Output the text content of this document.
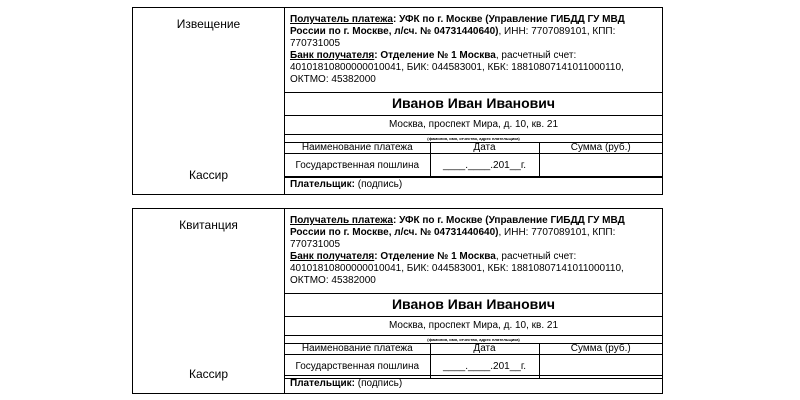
Извещение
Кассир
Получатель платежа: УФК по г. Москве (Управление ГИБДД ГУ МВД России по г. Москве, л/сч. № 04731440640), ИНН: 7707089101, КПП: 770731005
Банк получателя: Отделение № 1 Москва, расчетный счет: 40101810800000010041, БИК: 044583001, КБК: 18810807141011000110, ОКТМО: 45382000
Иванов Иван Иванович
Москва, проспект Мира, д. 10, кв. 21
(фамилия, имя, отчество, адрес плательщика)
Наименование платежа	Дата	Сумма (руб.)
Государственная пошлина	____.____.201__г.	
Плательщик: (подпись)
Квитанция
Кассир
Получатель платежа: УФК по г. Москве (Управление ГИБДД ГУ МВД России по г. Москве, л/сч. № 04731440640), ИНН: 7707089101, КПП: 770731005
Банк получателя: Отделение № 1 Москва, расчетный счет: 40101810800000010041, БИК: 044583001, КБК: 18810807141011000110, ОКТМО: 45382000
Иванов Иван Иванович
Москва, проспект Мира, д. 10, кв. 21
(фамилия, имя, отчество, адрес плательщика)
Наименование платежа	Дата	Сумма (руб.)
Государственная пошлина	____.____.201__г.	
Плательщик: (подпись)
